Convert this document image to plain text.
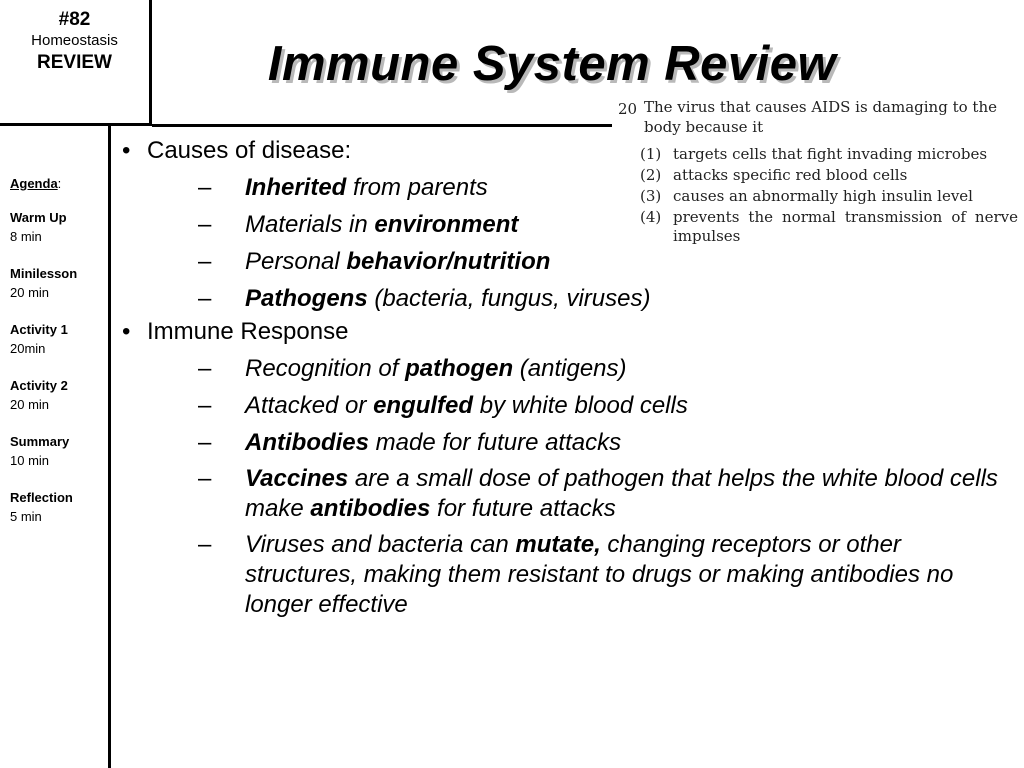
#82
Homeostasis
REVIEW	Immune System Review
Agenda:
Warm Up
8 min
Minilesson
20 min
Activity 1
20min
Activity 2
20 min
Summary
10 min
Reflection
5 min
• Causes of disease:
– Inherited from parents
– Materials in environment
– Personal behavior/nutrition
– Pathogens (bacteria, fungus, viruses)
• Immune Response
– Recognition of pathogen (antigens)
– Attacked or engulfed by white blood cells
– Antibodies made for future attacks
– Vaccines are a small dose of pathogen that helps the white blood cells make antibodies for future attacks
– Viruses and bacteria can mutate, changing receptors or other structures, making them resistant to drugs or making antibodies no longer effective
20 The virus that causes AIDS is damaging to the body because it
(1) targets cells that fight invading microbes
(2) attacks specific red blood cells
(3) causes an abnormally high insulin level
(4) prevents the normal transmission of nerve impulses
